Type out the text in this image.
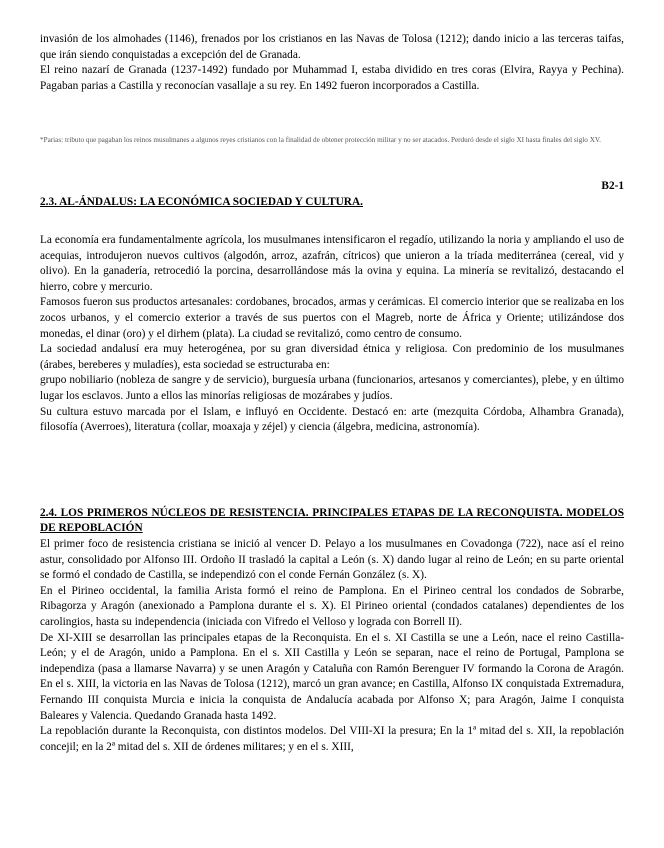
invasión de los almohades (1146), frenados por los cristianos en las Navas de Tolosa (1212); dando inicio a las terceras taifas, que irán siendo conquistadas a excepción del de Granada.

El reino nazarí de Granada (1237-1492) fundado por Muhammad I, estaba dividido en tres coras (Elvira, Rayya y Pechina). Pagaban parias a Castilla y reconocían vasallaje a su rey. En 1492 fueron incorporados a Castilla.

*Parias: tributo que pagaban los reinos musulmanes a algunos reyes cristianos con la finalidad de obtener protección militar y no ser atacados. Perduró desde el siglo XI hasta finales del siglo XV.

B2-1

2.3. AL-ÁNDALUS: LA ECONÓMICA SOCIEDAD Y CULTURA.

La economía era fundamentalmente agrícola, los musulmanes intensificaron el regadío, utilizando la noria y ampliando el uso de acequias, introdujeron nuevos cultivos (algodón, arroz, azafrán, cítricos) que unieron a la tríada mediterránea (cereal, vid y olivo). En la ganadería, retrocedió la porcina, desarrollándose más la ovina y equina. La minería se revitalizó, destacando el hierro, cobre y mercurio.

Famosos fueron sus productos artesanales: cordobanes, brocados, armas y cerámicas. El comercio interior que se realizaba en los zocos urbanos, y el comercio exterior a través de sus puertos con el Magreb, norte de África y Oriente; utilizándose dos monedas, el dinar (oro) y el dirhem (plata). La ciudad se revitalizó, como centro de consumo.

La sociedad andalusí era muy heterogénea, por su gran diversidad étnica y religiosa. Con predominio de los musulmanes (árabes, bereberes y muladíes), esta sociedad se estructuraba en:

grupo nobiliario (nobleza de sangre y de servicio), burguesía urbana (funcionarios, artesanos y comerciantes), plebe, y en último lugar los esclavos. Junto a ellos las minorías religiosas de mozárabes y judíos.

Su cultura estuvo marcada por el Islam, e influyó en Occidente. Destacó en: arte (mezquita Córdoba, Alhambra Granada), filosofía (Averroes), literatura (collar, moaxaja y zéjel) y ciencia (álgebra, medicina, astronomía).

2.4. LOS PRIMEROS NÚCLEOS DE RESISTENCIA. PRINCIPALES ETAPAS DE LA RECONQUISTA. MODELOS DE REPOBLACIÓN

El primer foco de resistencia cristiana se inició al vencer D. Pelayo a los musulmanes en Covadonga (722), nace así el reino astur, consolidado por Alfonso III. Ordoño II trasladó la capital a León (s. X) dando lugar al reino de León; en su parte oriental se formó el condado de Castilla, se independizó con el conde Fernán González (s. X).

En el Pirineo occidental, la familia Arista formó el reino de Pamplona. En el Pirineo central los condados de Sobrarbe, Ribagorza y Aragón (anexionado a Pamplona durante el s. X). El Pirineo oriental (condados catalanes) dependientes de los carolingios, hasta su independencia (iniciada con Vifredo el Velloso y lograda con Borrell II).

De XI-XIII se desarrollan las principales etapas de la Reconquista. En el s. XI Castilla se une a León, nace el reino Castilla-León; y el de Aragón, unido a Pamplona. En el s. XII Castilla y León se separan, nace el reino de Portugal, Pamplona se independiza (pasa a llamarse Navarra) y se unen Aragón y Cataluña con Ramón Berenguer IV formando la Corona de Aragón. En el s. XIII, la victoria en las Navas de Tolosa (1212), marcó un gran avance; en Castilla, Alfonso IX conquistada Extremadura, Fernando III conquista Murcia e inicia la conquista de Andalucía acabada por Alfonso X; para Aragón, Jaime I conquista Baleares y Valencia. Quedando Granada hasta 1492.

La repoblación durante la Reconquista, con distintos modelos. Del VIII-XI la presura; En la 1ª mitad del s. XII, la repoblación concejil; en la 2ª mitad del s. XII de órdenes militares; y en el s. XIII,
